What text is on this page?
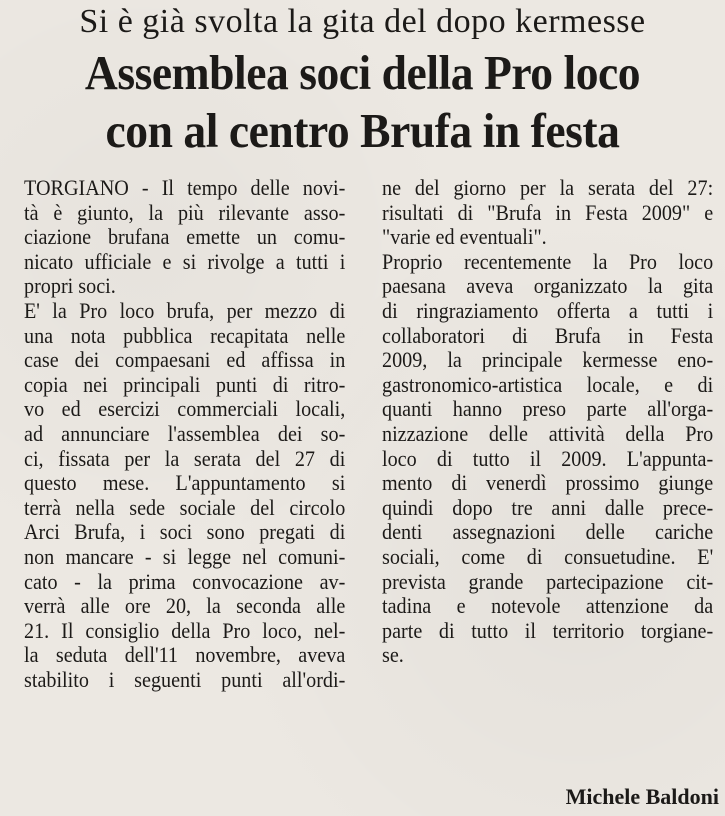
Si è già svolta la gita del dopo kermesse
Assemblea soci della Pro loco
con al centro Brufa in festa
TORGIANO - Il tempo delle novi-
tà è giunto, la più rilevante asso-
ciazione brufana emette un comu-
nicato ufficiale e si rivolge a tutti i
propri soci.
E' la Pro loco brufa, per mezzo di
una nota pubblica recapitata nelle
case dei compaesani ed affissa in
copia nei principali punti di ritro-
vo ed esercizi commerciali locali,
ad annunciare l'assemblea dei so-
ci, fissata per la serata del 27 di
questo mese. L'appuntamento si
terrà nella sede sociale del circolo
Arci Brufa, i soci sono pregati di
non mancare - si legge nel comuni-
cato - la prima convocazione av-
verrà alle ore 20, la seconda alle
21. Il consiglio della Pro loco, nel-
la seduta dell'11 novembre, aveva
stabilito i seguenti punti all'ordi-
ne del giorno per la serata del 27:
risultati di "Brufa in Festa 2009" e
"varie ed eventuali".
Proprio recentemente la Pro loco
paesana aveva organizzato la gita
di ringraziamento offerta a tutti i
collaboratori di Brufa in Festa
2009, la principale kermesse eno-
gastronomico-artistica locale, e di
quanti hanno preso parte all'orga-
nizzazione delle attività della Pro
loco di tutto il 2009. L'appunta-
mento di venerdì prossimo giunge
quindi dopo tre anni dalle prece-
denti assegnazioni delle cariche
sociali, come di consuetudine. E'
prevista grande partecipazione cit-
tadina e notevole attenzione da
parte di tutto il territorio torgiane-
se.
Michele Baldoni
